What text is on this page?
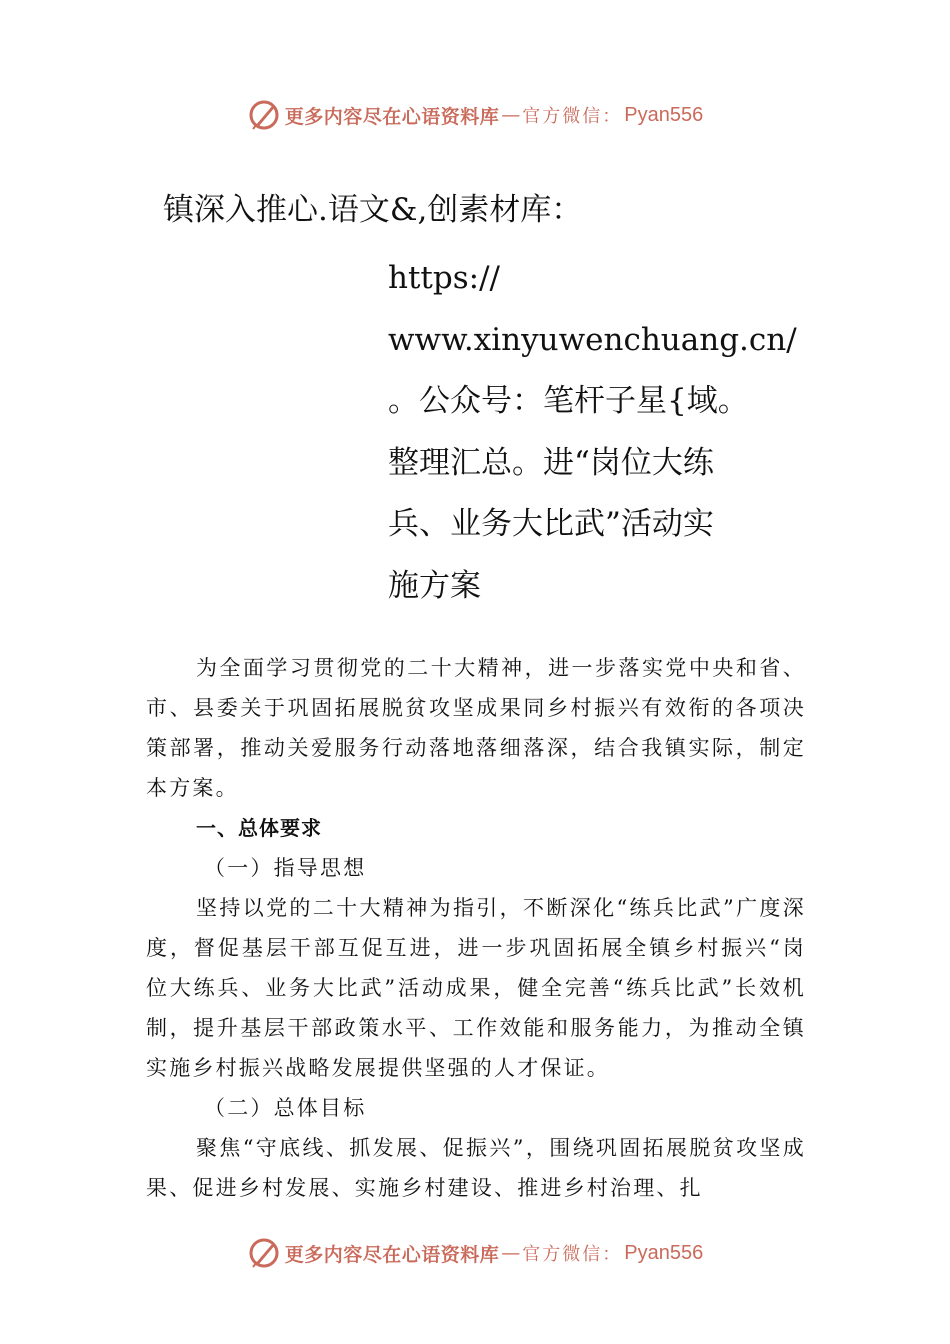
更多内容尽在心语资料库 — 官方微信： Pyan556
镇深入推心.语文&,创素材库：
https://
www.xinyuwenchuang.cn/
。公众号：笔杆子星{域。
整理汇总。进“岗位大练
兵、业务大比武”活动实
施方案
为全面学习贯彻党的二十大精神，进一步落实党中央和省、市、县委关于巩固拓展脱贫攻坚成果同乡村振兴有效衔的各项决策部署，推动关爱服务行动落地落细落深，结合我镇实际，制定本方案。
一、总体要求
（一）指导思想
坚持以党的二十大精神为指引，不断深化“练兵比武”广度深度，督促基层干部互促互进，进一步巩固拓展全镇乡村振兴“岗位大练兵、业务大比武”活动成果，健全完善“练兵比武”长效机制，提升基层干部政策水平、工作效能和服务能力，为推动全镇实施乡村振兴战略发展提供坚强的人才保证。
（二）总体目标
聚焦“守底线、抓发展、促振兴”，围绕巩固拓展脱贫攻坚成果、促进乡村发展、实施乡村建设、推进乡村治理、扎
更多内容尽在心语资料库 — 官方微信： Pyan556
